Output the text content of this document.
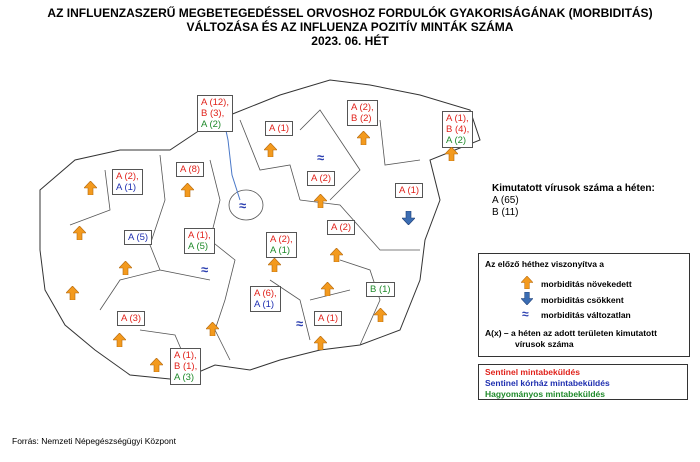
AZ INFLUENZASZERŰ MEGBETEGEDÉSSEL ORVOSHOZ FORDULÓK GYAKORISÁGÁNAK (MORBIDITÁS)
VÁLTOZÁSA ÉS AZ INFLUENZA POZITÍV MINTÁK SZÁMA
2023. 06. HÉT
A (12),
B (3),
A (2)
A (2),
A (1)
A (8)
A (1)
A (2),
B (2)	A (1),
B (4),
A (2)
A (2)
A (1)
A (5)	A (1),
A (5)
A (2),
A (1)
A (2)
A (6),
A (1)
B (1)
A (1)
A (3)
A (1),
B (1),
A (3)
≈
≈
≈
≈
Kimutatott vírusok száma a héten:
A (65)
B (11)
Az előző héthez viszonyítva a
morbiditás növekedett
morbiditás csökkent
≈ morbiditás változatlan
A(x) – a héten az adott területen kimutatott
vírusok száma
Sentinel mintabeküldés
Sentinel kórház mintabeküldés
Hagyományos mintabeküldés
Forrás: Nemzeti Népegészségügyi Központ
